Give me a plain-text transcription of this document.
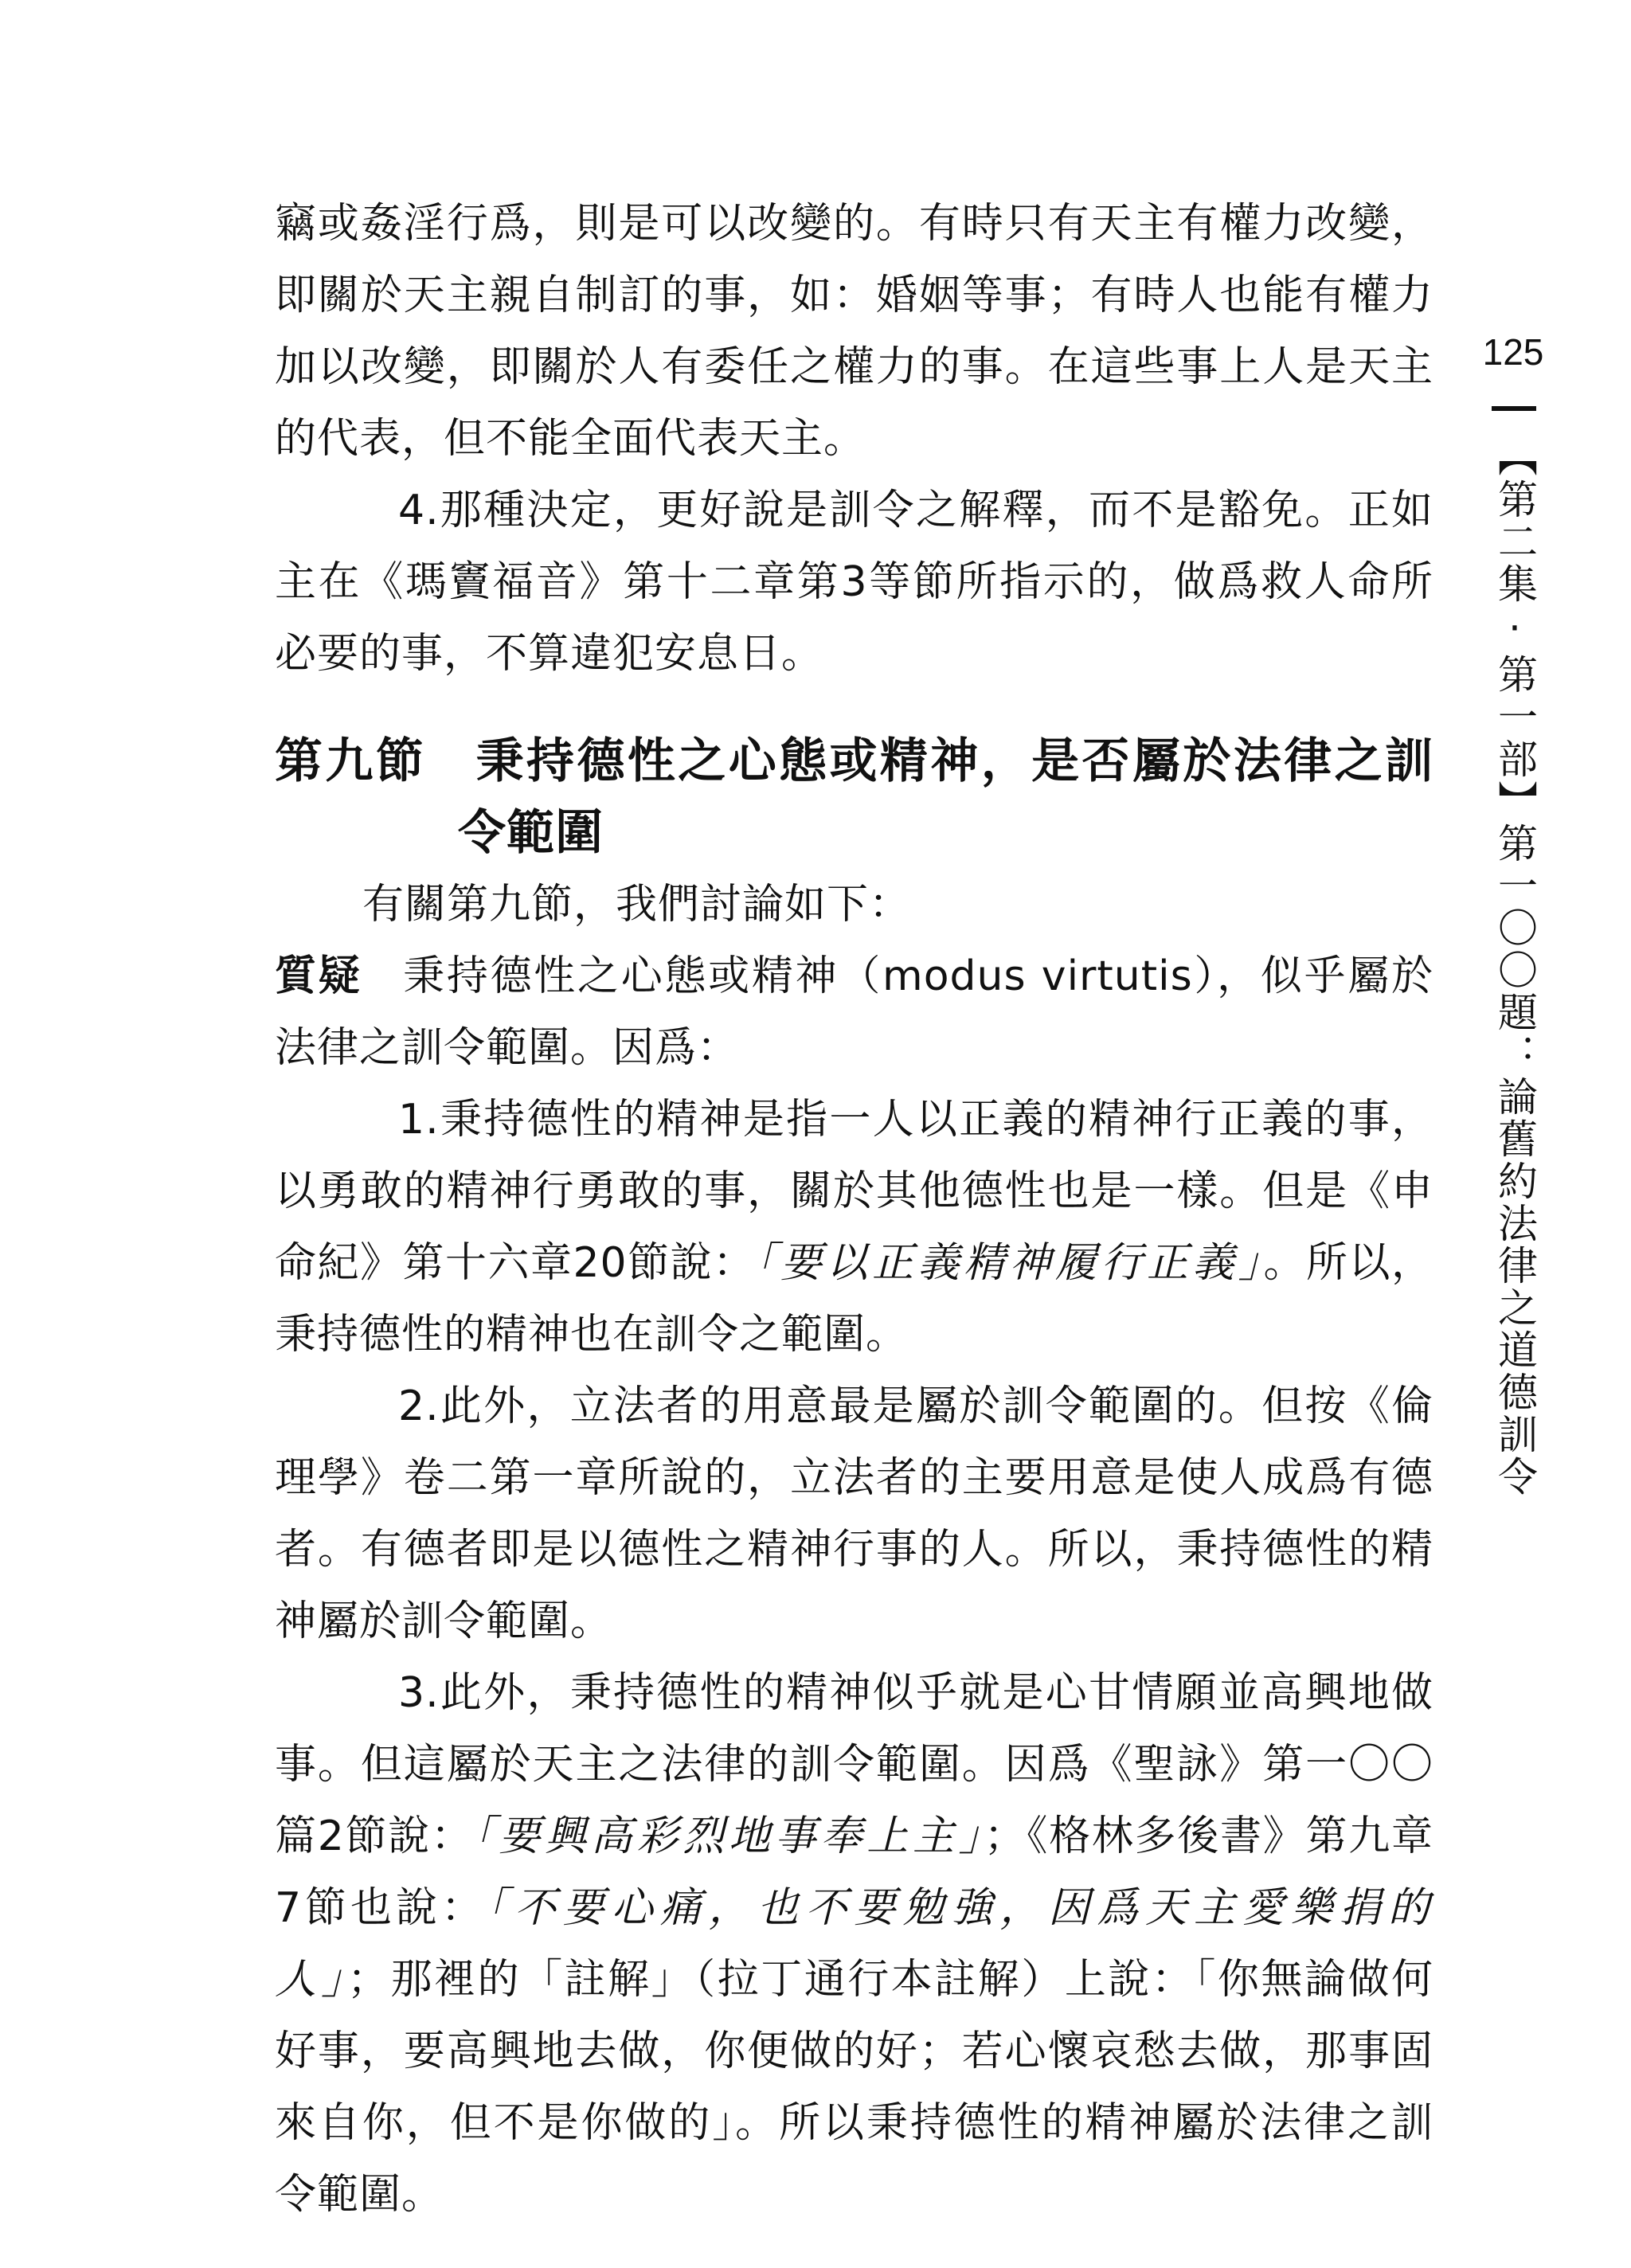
竊或姦淫行爲，則是可以改變的。有時只有天主有權力改變，即關於天主親自制訂的事，如：婚姻等事；有時人也能有權力加以改變，即關於人有委任之權力的事。在這些事上人是天主的代表，但不能全面代表天主。

4.那種決定，更好說是訓令之解釋，而不是豁免。正如主在《瑪竇福音》第十二章第3等節所指示的，做爲救人命所必要的事，不算違犯安息日。

第九節 秉持德性之心態或精神，是否屬於法律之訓令範圍

有關第九節，我們討論如下：

質疑 秉持德性之心態或精神（modus virtutis），似乎屬於法律之訓令範圍。因爲：

1.秉持德性的精神是指一人以正義的精神行正義的事，以勇敢的精神行勇敢的事，關於其他德性也是一樣。但是《申命紀》第十六章20節說：「要以正義精神履行正義」。所以，秉持德性的精神也在訓令之範圍。

2.此外，立法者的用意最是屬於訓令範圍的。但按《倫理學》卷二第一章所說的，立法者的主要用意是使人成爲有德者。有德者即是以德性之精神行事的人。所以，秉持德性的精神屬於訓令範圍。

3.此外，秉持德性的精神似乎就是心甘情願並高興地做事。但這屬於天主之法律的訓令範圍。因爲《聖詠》第一〇〇篇2節說：「要興高彩烈地事奉上主」；《格林多後書》第九章7節也說：「不要心痛，也不要勉強，因爲天主愛樂捐的人」；那裡的「註解」（拉丁通行本註解）上說：「你無論做何好事，要高興地去做，你便做的好；若心懷哀愁去做，那事固來自你，但不是你做的」。所以秉持德性的精神屬於法律之訓令範圍。

125
【第二集·第一部】第一〇〇題：論舊約法律之道德訓令
